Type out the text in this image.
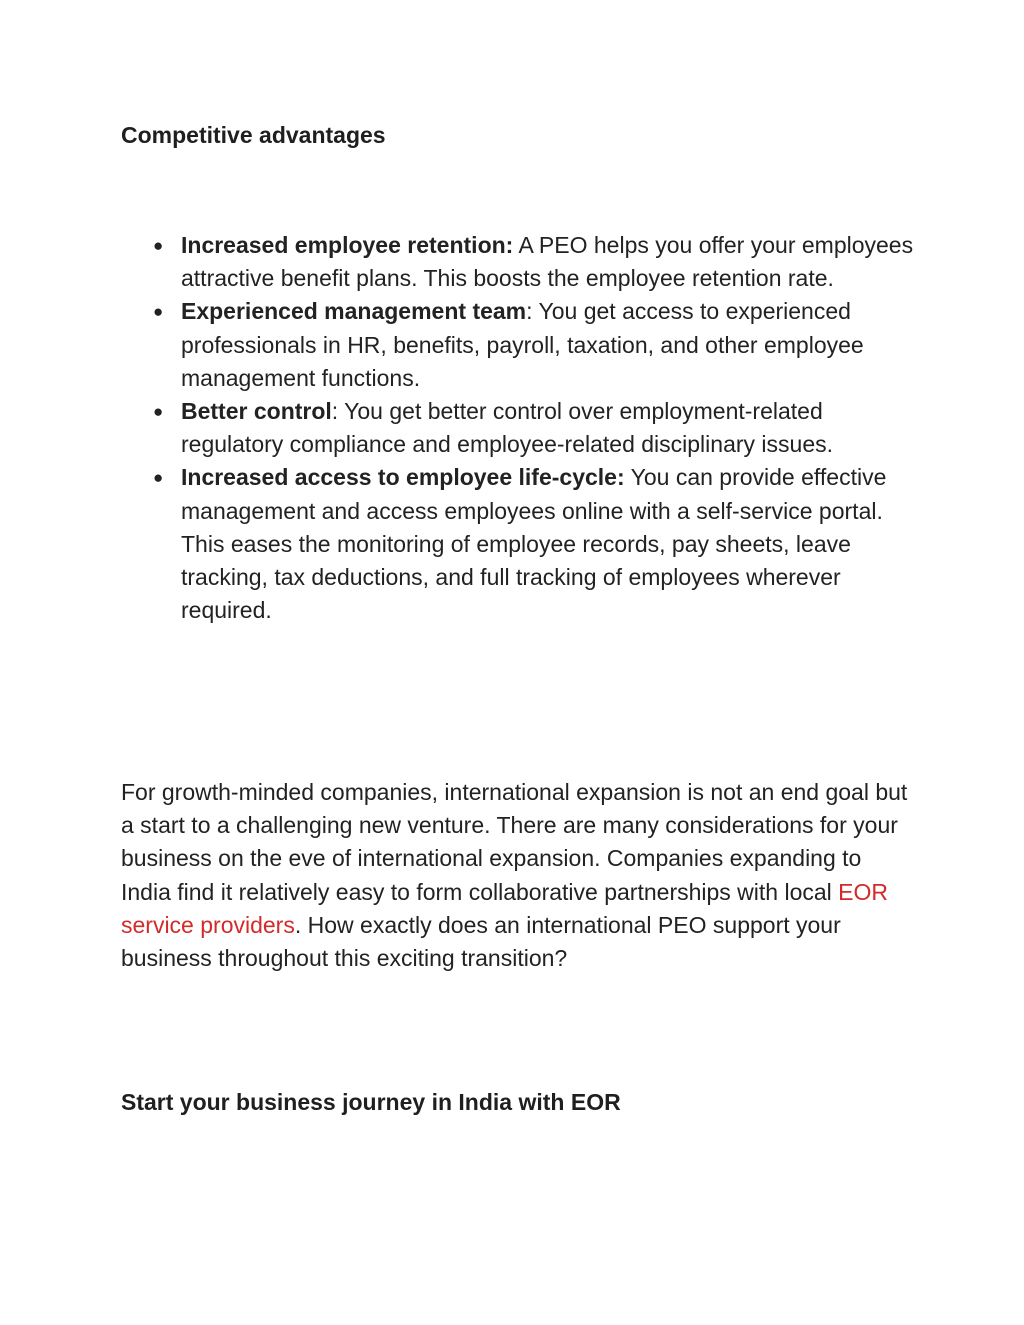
Competitive advantages
● Increased employee retention: A PEO helps you offer your employees attractive benefit plans. This boosts the employee retention rate.
● Experienced management team: You get access to experienced professionals in HR, benefits, payroll, taxation, and other employee management functions.
● Better control: You get better control over employment-related regulatory compliance and employee-related disciplinary issues.
● Increased access to employee life-cycle: You can provide effective management and access employees online with a self-service portal. This eases the monitoring of employee records, pay sheets, leave tracking, tax deductions, and full tracking of employees wherever required.

For growth-minded companies, international expansion is not an end goal but a start to a challenging new venture. There are many considerations for your business on the eve of international expansion. Companies expanding to India find it relatively easy to form collaborative partnerships with local EOR service providers. How exactly does an international PEO support your business throughout this exciting transition?

Start your business journey in India with EOR
